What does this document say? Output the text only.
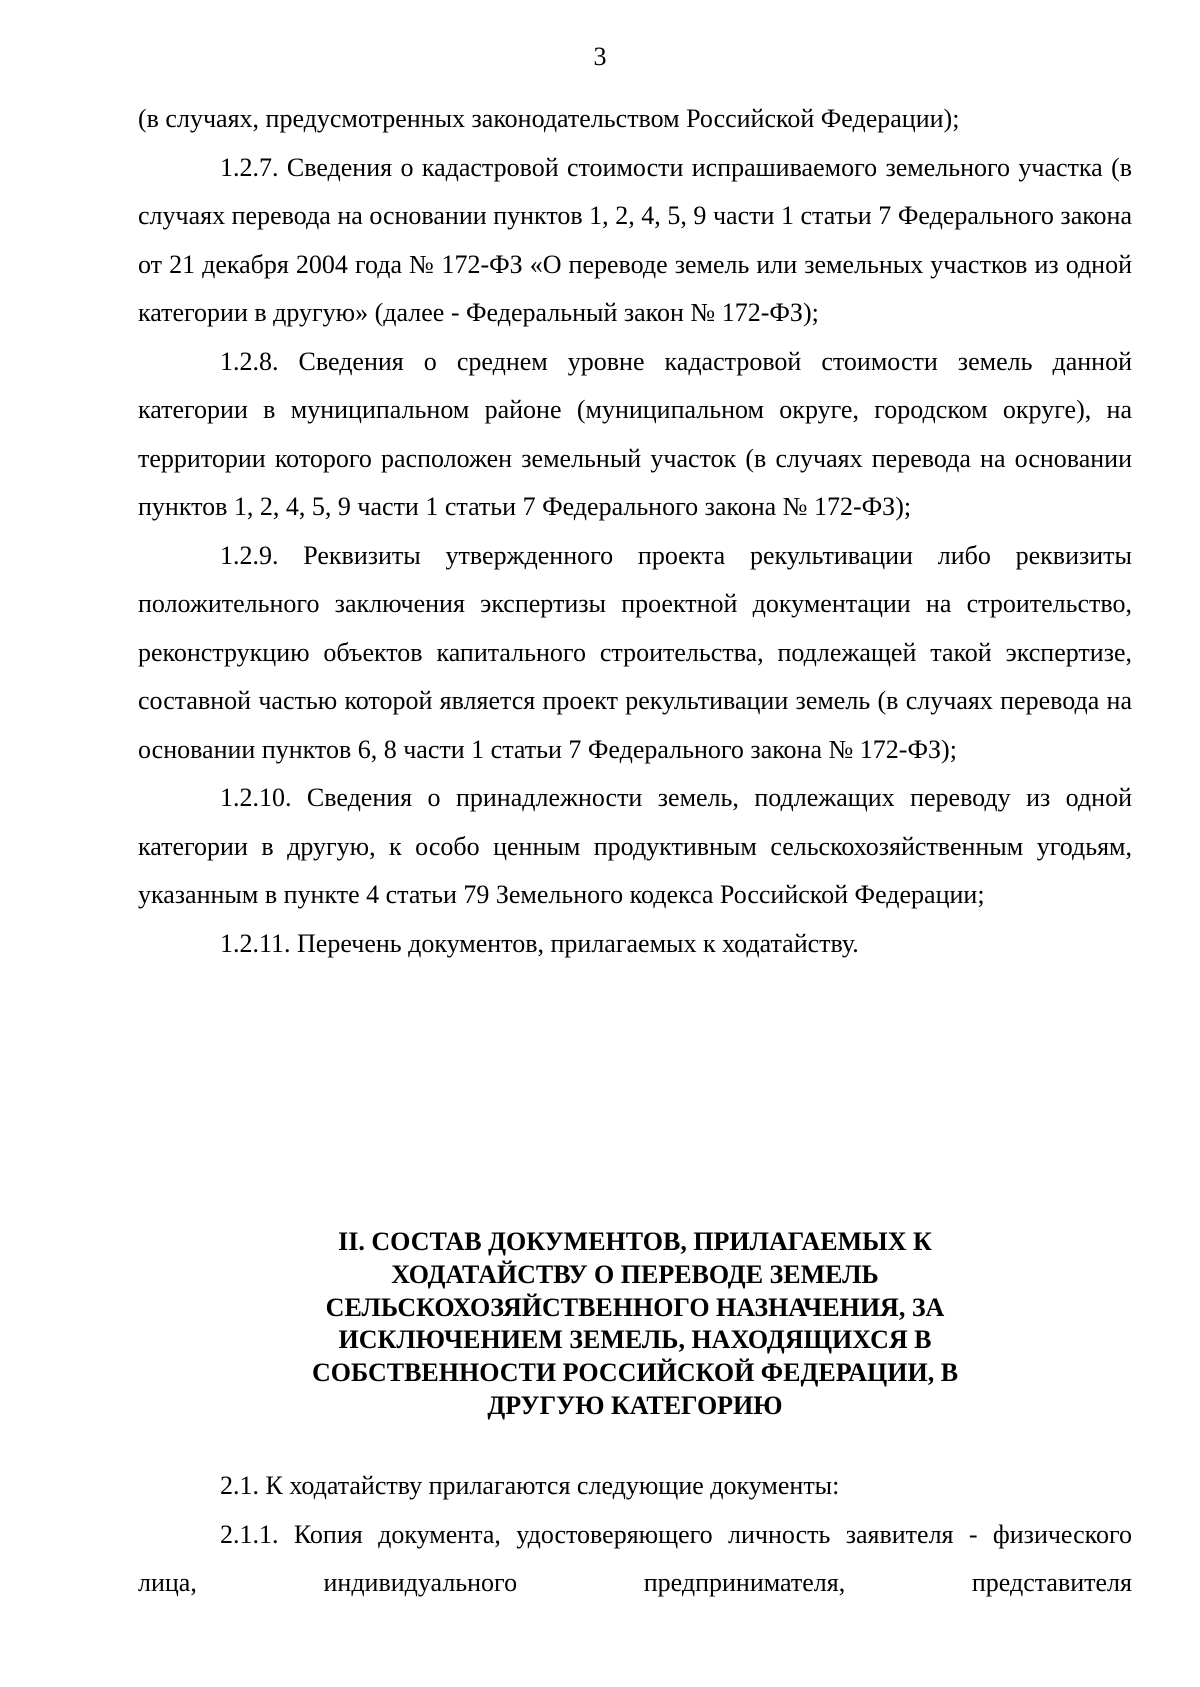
3

(в случаях, предусмотренных законодательством Российской Федерации);

1.2.7. Сведения о кадастровой стоимости испрашиваемого земельного участка (в случаях перевода на основании пунктов 1, 2, 4, 5, 9 части 1 статьи 7 Федерального закона от 21 декабря 2004 года № 172-ФЗ «О переводе земель или земельных участков из одной категории в другую» (далее - Федеральный закон № 172-ФЗ);

1.2.8. Сведения о среднем уровне кадастровой стоимости земель данной категории в муниципальном районе (муниципальном округе, городском округе), на территории которого расположен земельный участок (в случаях перевода на основании пунктов 1, 2, 4, 5, 9 части 1 статьи 7 Федерального закона № 172-ФЗ);

1.2.9. Реквизиты утвержденного проекта рекультивации либо реквизиты положительного заключения экспертизы проектной документации на строительство, реконструкцию объектов капитального строительства, подлежащей такой экспертизе, составной частью которой является проект рекультивации земель (в случаях перевода на основании пунктов 6, 8 части 1 статьи 7 Федерального закона № 172-ФЗ);

1.2.10. Сведения о принадлежности земель, подлежащих переводу из одной категории в другую, к особо ценным продуктивным сельскохозяйственным угодьям, указанным в пункте 4 статьи 79 Земельного кодекса Российской Федерации;

1.2.11. Перечень документов, прилагаемых к ходатайству.

II. СОСТАВ ДОКУМЕНТОВ, ПРИЛАГАЕМЫХ К
ХОДАТАЙСТВУ О ПЕРЕВОДЕ ЗЕМЕЛЬ
СЕЛЬСКОХОЗЯЙСТВЕННОГО НАЗНАЧЕНИЯ, ЗА
ИСКЛЮЧЕНИЕМ ЗЕМЕЛЬ, НАХОДЯЩИХСЯ В
СОБСТВЕННОСТИ РОССИЙСКОЙ ФЕДЕРАЦИИ, В
ДРУГУЮ КАТЕГОРИЮ

2.1. К ходатайству прилагаются следующие документы:

2.1.1. Копия документа, удостоверяющего личность заявителя - физического лица, индивидуального предпринимателя, представителя
